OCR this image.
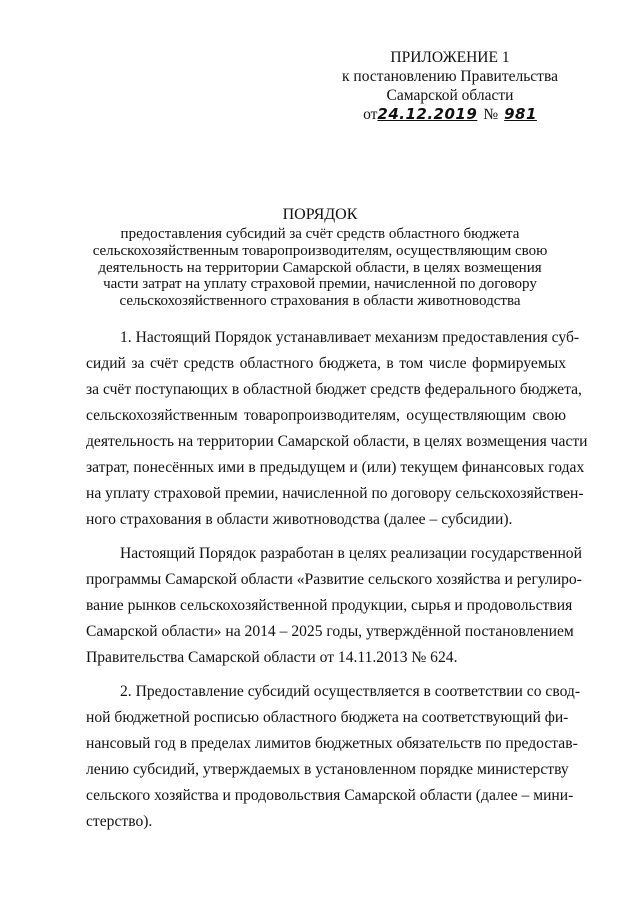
ПРИЛОЖЕНИЕ 1
к постановлению Правительства
Самарской области
от24.12.2019 № 981
ПОРЯДОК
предоставления субсидий за счёт средств областного бюджета
сельскохозяйственным товаропроизводителям, осуществляющим свою
деятельность на территории Самарской области, в целях возмещения
части затрат на уплату страховой премии, начисленной по договору
сельскохозяйственного страхования в области животноводства
1. Настоящий Порядок устанавливает механизм предоставления суб-
сидий за счёт средств областного бюджета, в том числе формируемых
за счёт поступающих в областной бюджет средств федерального бюджета,
сельскохозяйственным товаропроизводителям, осуществляющим свою
деятельность на территории Самарской области, в целях возмещения части
затрат, понесённых ими в предыдущем и (или) текущем финансовых годах
на уплату страховой премии, начисленной по договору сельскохозяйствен-
ного страхования в области животноводства (далее – субсидии).
Настоящий Порядок разработан в целях реализации государственной
программы Самарской области «Развитие сельского хозяйства и регулиро-
вание рынков сельскохозяйственной продукции, сырья и продовольствия
Самарской области» на 2014 – 2025 годы, утверждённой постановлением
Правительства Самарской области от 14.11.2013 № 624.
2. Предоставление субсидий осуществляется в соответствии со свод-
ной бюджетной росписью областного бюджета на соответствующий фи-
нансовый год в пределах лимитов бюджетных обязательств по предостав-
лению субсидий, утверждаемых в установленном порядке министерству
сельского хозяйства и продовольствия Самарской области (далее – мини-
стерство).
